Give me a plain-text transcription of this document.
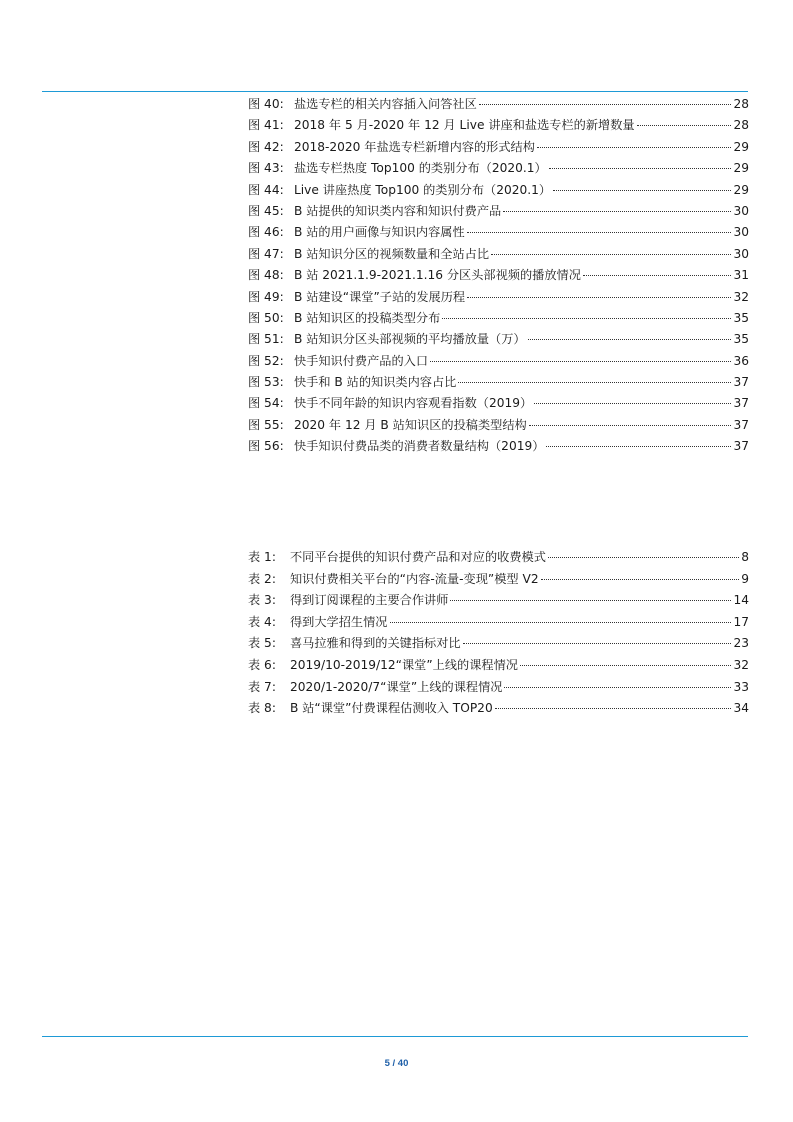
图 40: 盐选专栏的相关内容插入问答社区	28
图 41: 2018 年 5 月-2020 年 12 月 Live 讲座和盐选专栏的新增数量	28
图 42: 2018-2020 年盐选专栏新增内容的形式结构	29
图 43: 盐选专栏热度 Top100 的类别分布（2020.1）	29
图 44: Live 讲座热度 Top100 的类别分布（2020.1）	29
图 45: B 站提供的知识类内容和知识付费产品	30
图 46: B 站的用户画像与知识内容属性	30
图 47: B 站知识分区的视频数量和全站占比	30
图 48: B 站 2021.1.9-2021.1.16 分区头部视频的播放情况	31
图 49: B 站建设“课堂”子站的发展历程	32
图 50: B 站知识区的投稿类型分布	35
图 51: B 站知识分区头部视频的平均播放量（万）	35
图 52: 快手知识付费产品的入口	36
图 53: 快手和 B 站的知识类内容占比	37
图 54: 快手不同年龄的知识内容观看指数（2019）	37
图 55: 2020 年 12 月 B 站知识区的投稿类型结构	37
图 56: 快手知识付费品类的消费者数量结构（2019）	37
表 1:	不同平台提供的知识付费产品和对应的收费模式	8
表 2:	知识付费相关平台的“内容-流量-变现”模型 V2	9
表 3:	得到订阅课程的主要合作讲师	14
表 4:	得到大学招生情况	17
表 5:	喜马拉雅和得到的关键指标对比	23
表 6:	2019/10-2019/12“课堂”上线的课程情况	32
表 7:	2020/1-2020/7“课堂”上线的课程情况	33
表 8:	B 站“课堂”付费课程估测收入 TOP20	34
5 / 40
